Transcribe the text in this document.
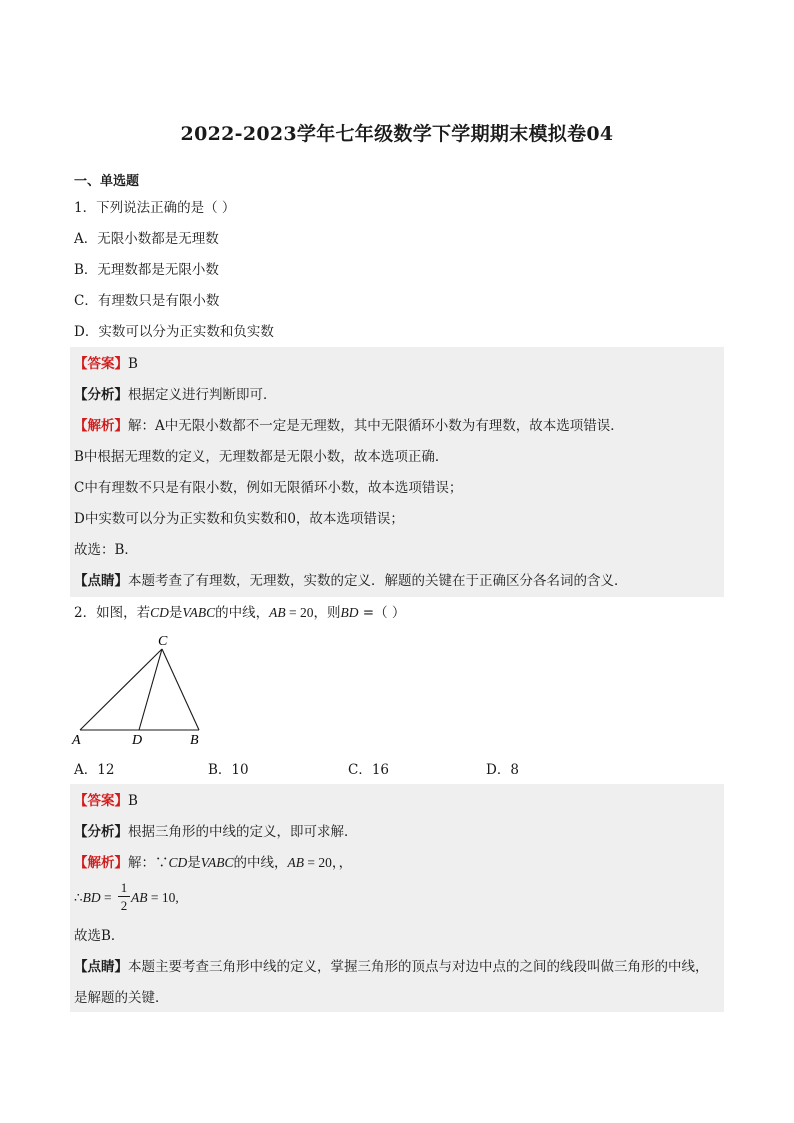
2022-2023学年七年级数学下学期期末模拟卷04
一、单选题
1．下列说法正确的是（ ）
A．无限小数都是无理数
B．无理数都是无限小数
C．有理数只是有限小数
D．实数可以分为正实数和负实数
【答案】B
【分析】根据定义进行判断即可．
【解析】解：A中无限小数都不一定是无理数，其中无限循环小数为有理数，故本选项错误．
B中根据无理数的定义，无理数都是无限小数，故本选项正确．
C中有理数不只是有限小数，例如无限循环小数，故本选项错误；
D中实数可以分为正实数和负实数和0，故本选项错误；
故选：B．
【点睛】本题考查了有理数，无理数，实数的定义．解题的关键在于正确区分各名词的含义．
2．如图，若CD是VABC的中线，AB = 20，则BD =（ ）
A	B
C
D
A．12	B．10	C．16	D．8
【答案】B
【分析】根据三角形的中线的定义，即可求解．
【解析】解：∵CD是VABC的中线，AB = 20，，
∴BD = AB = 10,
1
2
故选B．
【点睛】本题主要考查三角形中线的定义，掌握三角形的顶点与对边中点的之间的线段叫做三角形的中线，
是解题的关键．
